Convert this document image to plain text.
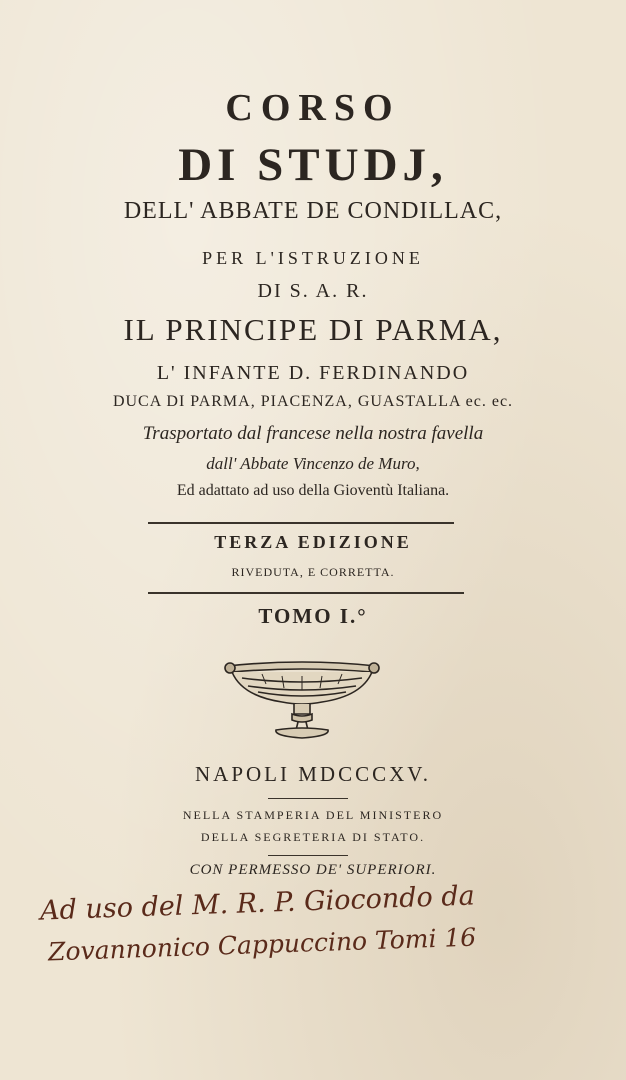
CORSO
DI STUDJ,
DELL' ABBATE DE CONDILLAC,
PER L'ISTRUZIONE
DI S. A. R.
IL PRINCIPE DI PARMA,
L' INFANTE D. FERDINANDO
DUCA DI PARMA, PIACENZA, GUASTALLA ec. ec.
Trasportato dal francese nella nostra favella
dall' Abbate Vincenzo de Muro,
Ed adattato ad uso della Gioventù Italiana.
TERZA EDIZIONE
RIVEDUTA, E CORRETTA.
TOMO I.°
NAPOLI MDCCCXV.
NELLA STAMPERIA DEL MINISTERO
DELLA SEGRETERIA DI STATO.
CON PERMESSO DE' SUPERIORI.
Ad uso del M. R. P. Giocondo da
Zovannonico Cappuccino Tomi 16
